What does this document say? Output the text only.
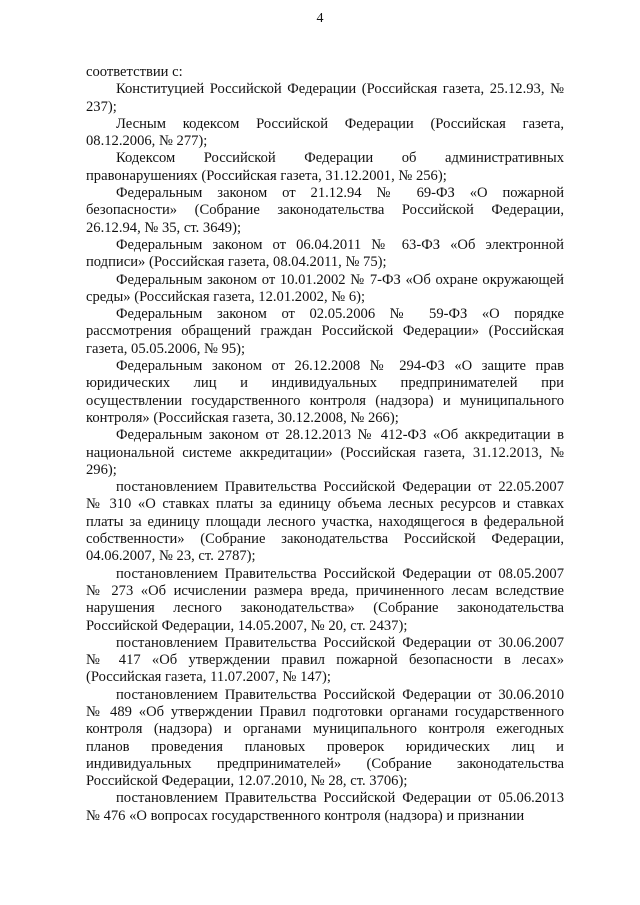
4

соответствии с:

Конституцией Российской Федерации (Российская газета, 25.12.93, № 237);

Лесным кодексом Российской Федерации (Российская газета, 08.12.2006, № 277);

Кодексом Российской Федерации об административных правонарушениях (Российская газета, 31.12.2001, № 256);

Федеральным законом от 21.12.94 № 69-ФЗ «О пожарной безопасности» (Собрание законодательства Российской Федерации, 26.12.94, № 35, ст. 3649);

Федеральным законом от 06.04.2011 № 63-ФЗ «Об электронной подписи» (Российская газета, 08.04.2011, № 75);

Федеральным законом от 10.01.2002 № 7-ФЗ «Об охране окружающей среды» (Российская газета, 12.01.2002, № 6);

Федеральным законом от 02.05.2006 № 59-ФЗ «О порядке рассмотрения обращений граждан Российской Федерации» (Российская газета, 05.05.2006, № 95);

Федеральным законом от 26.12.2008 № 294-ФЗ «О защите прав юридических лиц и индивидуальных предпринимателей при осуществлении государственного контроля (надзора) и муниципального контроля» (Российская газета, 30.12.2008, № 266);

Федеральным законом от 28.12.2013 № 412-ФЗ «Об аккредитации в национальной системе аккредитации» (Российская газета, 31.12.2013, № 296);

постановлением Правительства Российской Федерации от 22.05.2007 № 310 «О ставках платы за единицу объема лесных ресурсов и ставках платы за единицу площади лесного участка, находящегося в федеральной собственности» (Собрание законодательства Российской Федерации, 04.06.2007, № 23, ст. 2787);

постановлением Правительства Российской Федерации от 08.05.2007 № 273 «Об исчислении размера вреда, причиненного лесам вследствие нарушения лесного законодательства» (Собрание законодательства Российской Федерации, 14.05.2007, № 20, ст. 2437);

постановлением Правительства Российской Федерации от 30.06.2007 № 417 «Об утверждении правил пожарной безопасности в лесах» (Российская газета, 11.07.2007, № 147);

постановлением Правительства Российской Федерации от 30.06.2010 № 489 «Об утверждении Правил подготовки органами государственного контроля (надзора) и органами муниципального контроля ежегодных планов проведения плановых проверок юридических лиц и индивидуальных предпринимателей» (Собрание законодательства Российской Федерации, 12.07.2010, № 28, ст. 3706);

постановлением Правительства Российской Федерации от 05.06.2013 № 476 «О вопросах государственного контроля (надзора) и признании
